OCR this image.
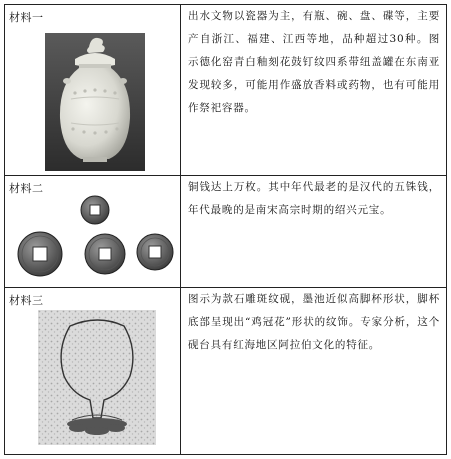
材料一	出水文物以瓷器为主，有瓶、碗、盘、碟等，主要产自浙江、福建、江西等地，品种超过30种。图示德化窑青白釉刻花鼓钉纹四系带纽盖罐在东南亚发现较多，可能用作盛放香料或药物，也有可能用作祭祀容器。

材料二	铜钱达上万枚。其中年代最老的是汉代的五铢钱，年代最晚的是南宋高宗时期的绍兴元宝。

材料三	图示为款石雕斑纹砚，墨池近似高脚杯形状，脚杯底部呈现出“鸡冠花”形状的纹饰。专家分析，这个砚台具有红海地区阿拉伯文化的特征。
